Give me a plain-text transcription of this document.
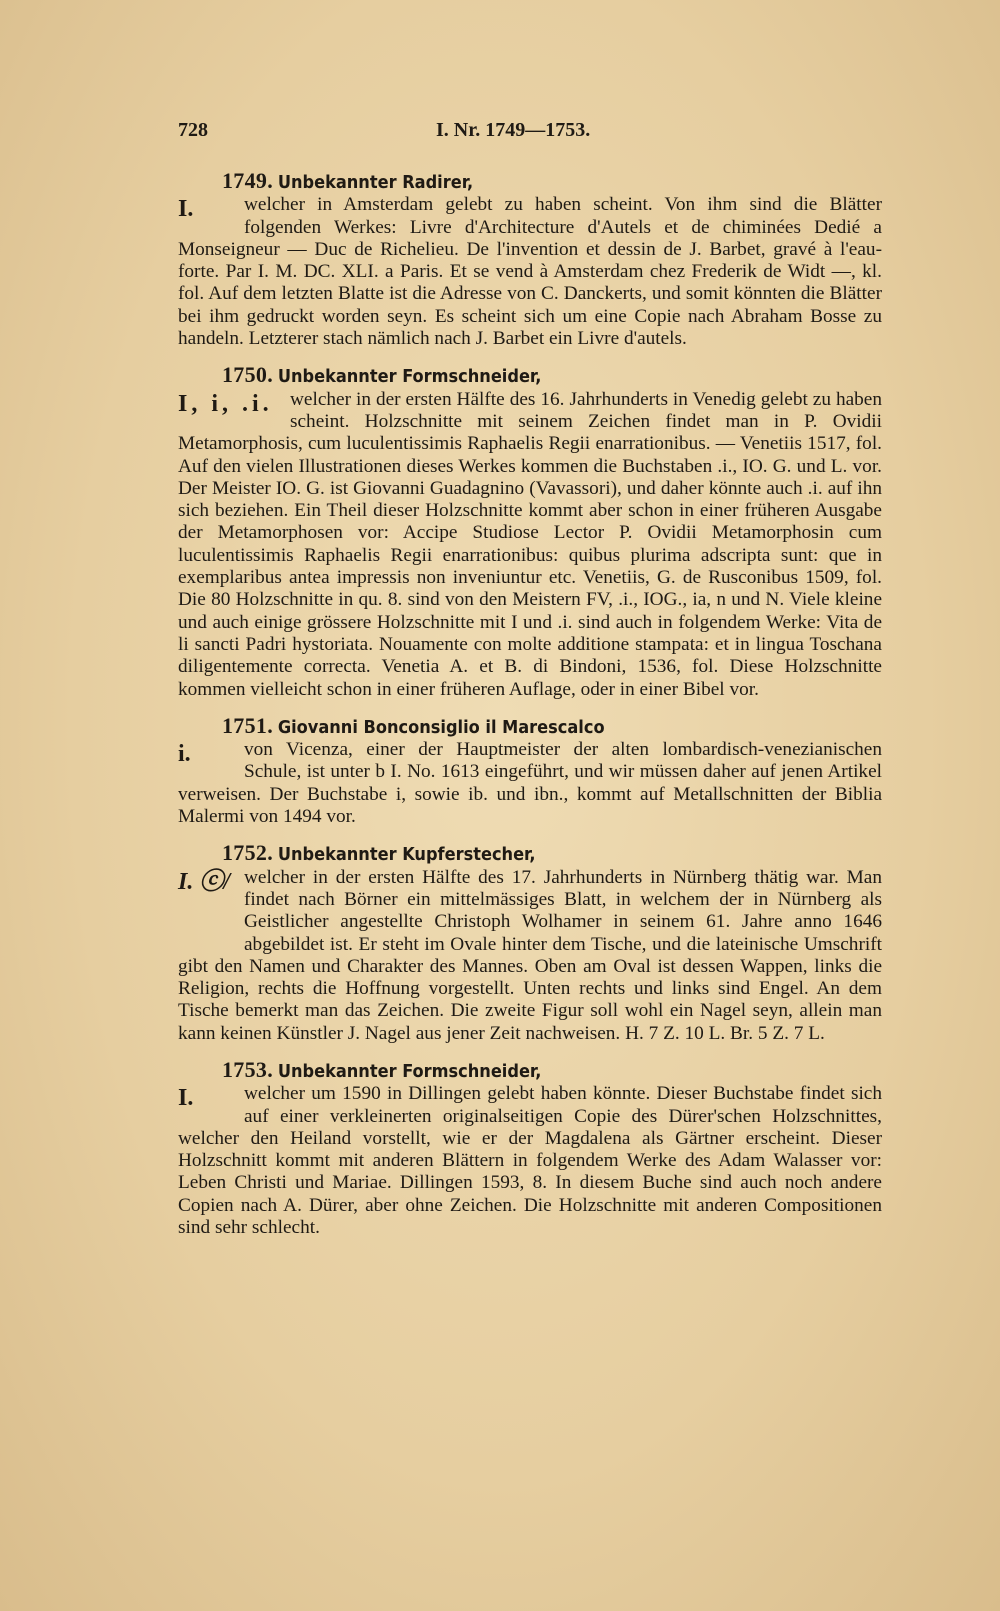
728	I. Nr. 1749—1753.
1749. Unbekannter Radirer,
I.	welcher in Amsterdam gelebt zu haben scheint. Von ihm sind die Blätter folgenden Werkes: Livre d'Architecture d'Autels et de chiminées Dedié a Monseigneur — Duc de Richelieu. De l'invention et dessin de J. Barbet, gravé à l'eau-forte. Par I. M. DC. XLI. a Paris. Et se vend à Amsterdam chez Frederik de Widt —, kl. fol. Auf dem letzten Blatte ist die Adresse von C. Danckerts, und somit könnten die Blätter bei ihm gedruckt worden seyn. Es scheint sich um eine Copie nach Abraham Bosse zu handeln. Letzterer stach nämlich nach J. Barbet ein Livre d'autels.
1750. Unbekannter Formschneider,
I, i, .i. welcher in der ersten Hälfte des 16. Jahrhunderts in Venedig gelebt zu haben scheint. Holzschnitte mit seinem Zeichen findet man in P. Ovidii Metamorphosis, cum luculentissimis Raphaelis Regii enarrationibus. — Venetiis 1517, fol. Auf den vielen Illustrationen dieses Werkes kommen die Buchstaben .i., IO. G. und L. vor. Der Meister IO. G. ist Giovanni Guadagnino (Vavassori), und daher könnte auch .i. auf ihn sich beziehen. Ein Theil dieser Holzschnitte kommt aber schon in einer früheren Ausgabe der Metamorphosen vor: Accipe Studiose Lector P. Ovidii Metamorphosin cum luculentissimis Raphaelis Regii enarrationibus: quibus plurima adscripta sunt: que in exemplaribus antea impressis non inveniuntur etc. Venetiis, G. de Rusconibus 1509, fol. Die 80 Holzschnitte in qu. 8. sind von den Meistern FV, .i., IOG., ia, n und N. Viele kleine und auch einige grössere Holzschnitte mit I und .i. sind auch in folgendem Werke: Vita de li sancti Padri hystoriata. Nouamente con molte additione stampata: et in lingua Toschana diligentemente correcta. Venetia A. et B. di Bindoni, 1536, fol. Diese Holzschnitte kommen vielleicht schon in einer früheren Auflage, oder in einer Bibel vor.
1751. Giovanni Bonconsiglio il Marescalco
i.	von Vicenza, einer der Hauptmeister der alten lombardisch-venezianischen Schule, ist unter b I. No. 1613 eingeführt, und wir müssen daher auf jenen Artikel verweisen. Der Buchstabe i, sowie ib. und ibn., kommt auf Metallschnitten der Biblia Malermi von 1494 vor.
1752. Unbekannter Kupferstecher,
I. ⓒ/ welcher in der ersten Hälfte des 17. Jahrhunderts in Nürnberg thätig war. Man findet nach Börner ein mittelmässiges Blatt, in welchem der in Nürnberg als Geistlicher angestellte Christoph Wolhamer in seinem 61. Jahre anno 1646 abgebildet ist. Er steht im Ovale hinter dem Tische, und die lateinische Umschrift gibt den Namen und Charakter des Mannes. Oben am Oval ist dessen Wappen, links die Religion, rechts die Hoffnung vorgestellt. Unten rechts und links sind Engel. An dem Tische bemerkt man das Zeichen. Die zweite Figur soll wohl ein Nagel seyn, allein man kann keinen Künstler J. Nagel aus jener Zeit nachweisen. H. 7 Z. 10 L. Br. 5 Z. 7 L.
1753. Unbekannter Formschneider,
I.	welcher um 1590 in Dillingen gelebt haben könnte. Dieser Buchstabe findet sich auf einer verkleinerten originalseitigen Copie des Dürer'schen Holzschnittes, welcher den Heiland vorstellt, wie er der Magdalena als Gärtner erscheint. Dieser Holzschnitt kommt mit anderen Blättern in folgendem Werke des Adam Walasser vor: Leben Christi und Mariae. Dillingen 1593, 8. In diesem Buche sind auch noch andere Copien nach A. Dürer, aber ohne Zeichen. Die Holzschnitte mit anderen Compositionen sind sehr schlecht.
